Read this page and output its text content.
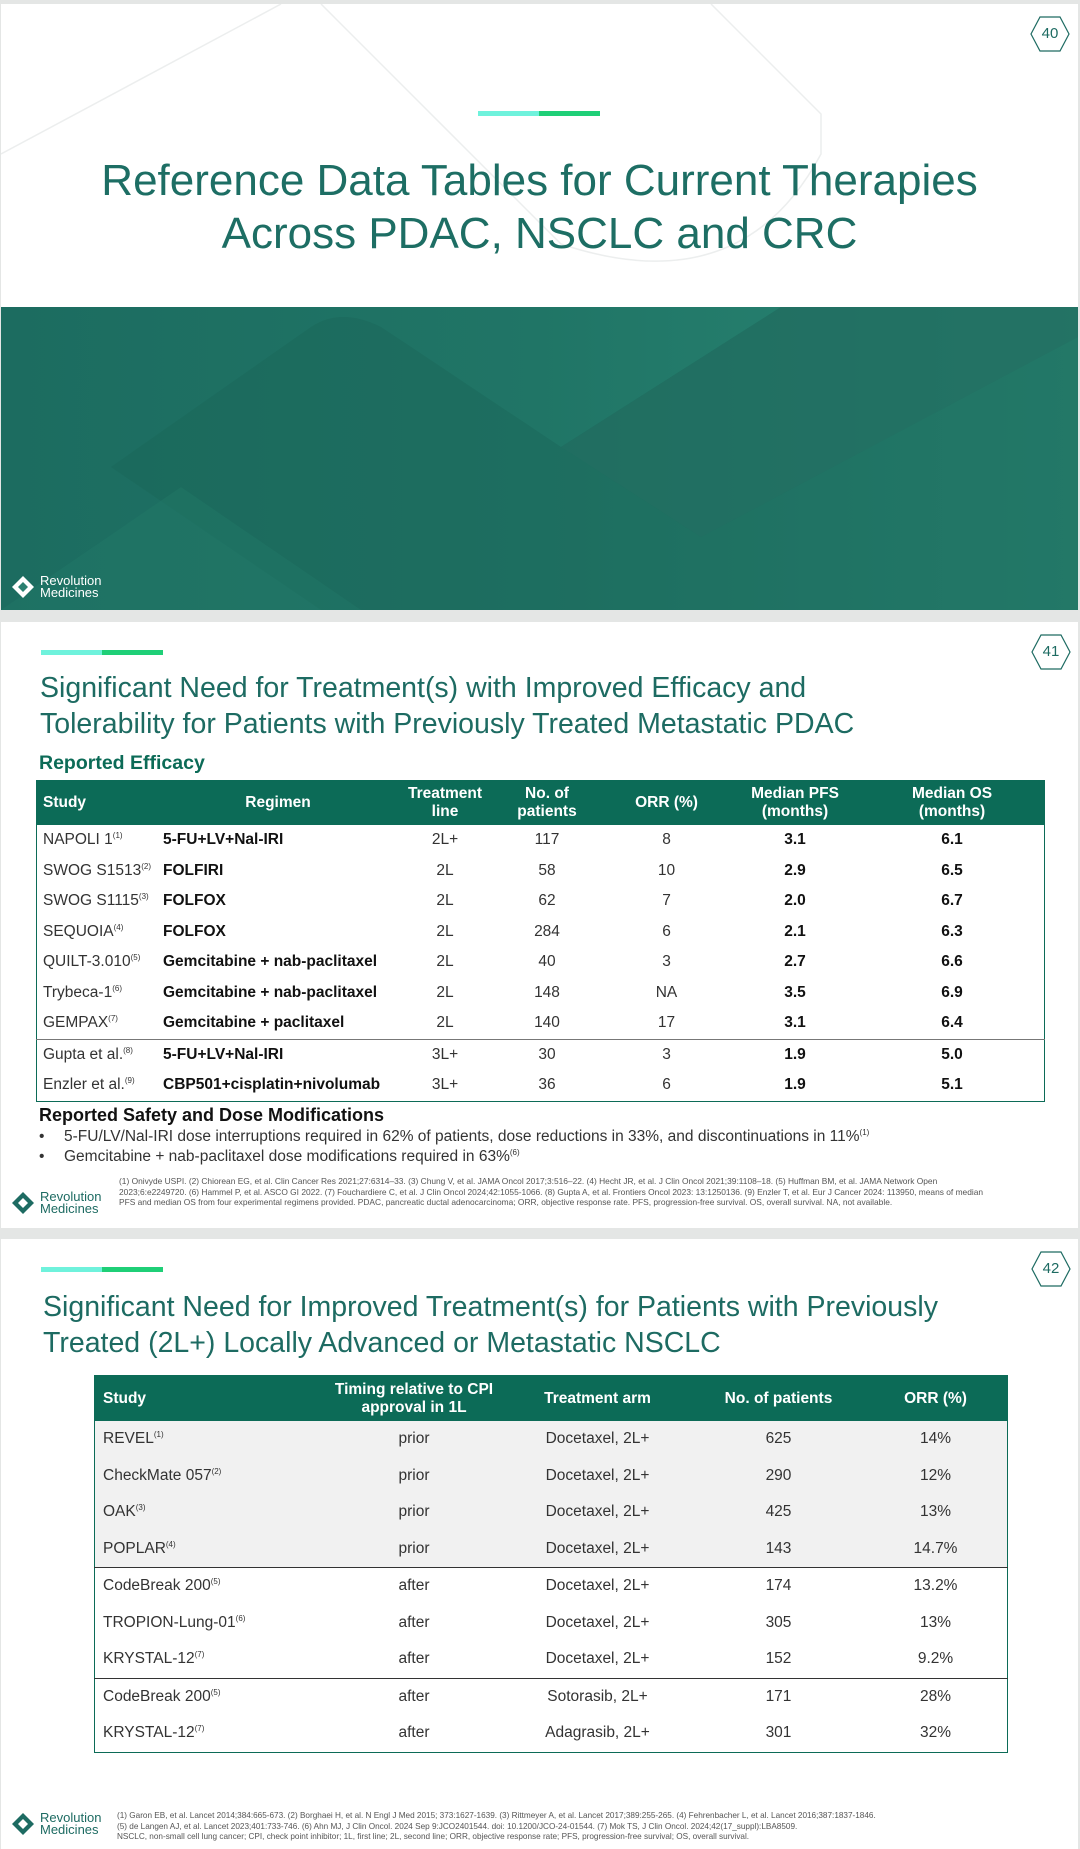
40
Reference Data Tables for Current Therapies
Across PDAC, NSCLC and CRC
Revolution
Medicines
41
Significant Need for Treatment(s) with Improved Efficacy and
Tolerability for Patients with Previously Treated Metastatic PDAC
Reported Efficacy
Study	Regimen	Treatment line	No. of patients	ORR (%)	Median PFS (months)	Median OS (months)

NAPOLI 1$^{(1)}$	5-FU+LV+Nal-IRI	2L+	117	8	3.1	6.1
SWOG S1513$^{(2)}$	FOLFIRI	2L	58	10	2.9	6.5
SWOG S1115$^{(3)}$	FOLFOX	2L	62	7	2.0	6.7
SEQUOIA$^{(4)}$	FOLFOX	2L	284	6	2.1	6.3
QUILT-3.010$^{(5)}$	Gemcitabine + nab-paclitaxel	2L	40	3	2.7	6.6
Trybeca-1$^{(6)}$	Gemcitabine + nab-paclitaxel	2L	148	NA	3.5	6.9
GEMPAX$^{(7)}$	Gemcitabine + paclitaxel	2L	140	17	3.1	6.4
Gupta et al.$^{(8)}$	5-FU+LV+Nal-IRI	3L+	30	3	1.9	5.0
Enzler et al.$^{(9)}$	CBP501+cisplatin+nivolumab	3L+	36	6	1.9	5.1
Reported Safety and Dose Modifications
• 5-FU/LV/Nal-IRI dose interruptions required in 62% of patients, dose reductions in 33%, and discontinuations in 11%$^{(1)}$
• Gemcitabine + nab-paclitaxel dose modifications required in 63%$^{(6)}$
Revolution
Medicines
(1) Onivyde USPI. (2) Chiorean EG, et al. Clin Cancer Res 2021;27:6314–33. (3) Chung V, et al. JAMA Oncol 2017;3:516–22. (4) Hecht JR, et al. J Clin Oncol 2021;39:1108–18. (5) Huffman BM, et al. JAMA Network Open 2023;6:e2249720. (6) Hammel P, et al. ASCO GI 2022. (7) Fouchardiere C, et al. J Clin Oncol 2024;42:1055-1066. (8) Gupta A, et al. Frontiers Oncol 2023: 13:1250136. (9) Enzler T, et al. Eur J Cancer 2024: 113950, means of median PFS and median OS from four experimental regimens provided. PDAC, pancreatic ductal adenocarcinoma; ORR, objective response rate. PFS, progression-free survival. OS, overall survival. NA, not available.
42
Significant Need for Improved Treatment(s) for Patients with Previously
Treated (2L+) Locally Advanced or Metastatic NSCLC
Study	Timing relative to CPI approval in 1L	Treatment arm	No. of patients	ORR (%)
REVEL$^{(1)}$	prior	Docetaxel, 2L+	625	14%
CheckMate 057$^{(2)}$	prior	Docetaxel, 2L+	290	12%
OAK$^{(3)}$	prior	Docetaxel, 2L+	425	13%
POPLAR$^{(4)}$	prior	Docetaxel, 2L+	143	14.7%
CodeBreak 200$^{(5)}$	after	Docetaxel, 2L+	174	13.2%
TROPION-Lung-01$^{(6)}$	after	Docetaxel, 2L+	305	13%
KRYSTAL-12$^{(7)}$	after	Docetaxel, 2L+	152	9.2%
CodeBreak 200$^{(5)}$	after	Sotorasib, 2L+	171	28%
KRYSTAL-12$^{(7)}$	after	Adagrasib, 2L+	301	32%
Revolution
Medicines
(1) Garon EB, et al. Lancet 2014;384:665-673. (2) Borghaei H, et al. N Engl J Med 2015; 373:1627-1639. (3) Rittmeyer A, et al. Lancet 2017;389:255-265. (4) Fehrenbacher L, et al. Lancet 2016;387:1837-1846.
(5) de Langen AJ, et al. Lancet 2023;401:733-746. (6) Ahn MJ, J Clin Oncol. 2024 Sep 9:JCO2401544. doi: 10.1200/JCO-24-01544. (7) Mok TS, J Clin Oncol. 2024;42(17_suppl):LBA8509.
NSCLC, non-small cell lung cancer; CPI, check point inhibitor; 1L, first line; 2L, second line; ORR, objective response rate; PFS, progression-free survival; OS, overall survival.
